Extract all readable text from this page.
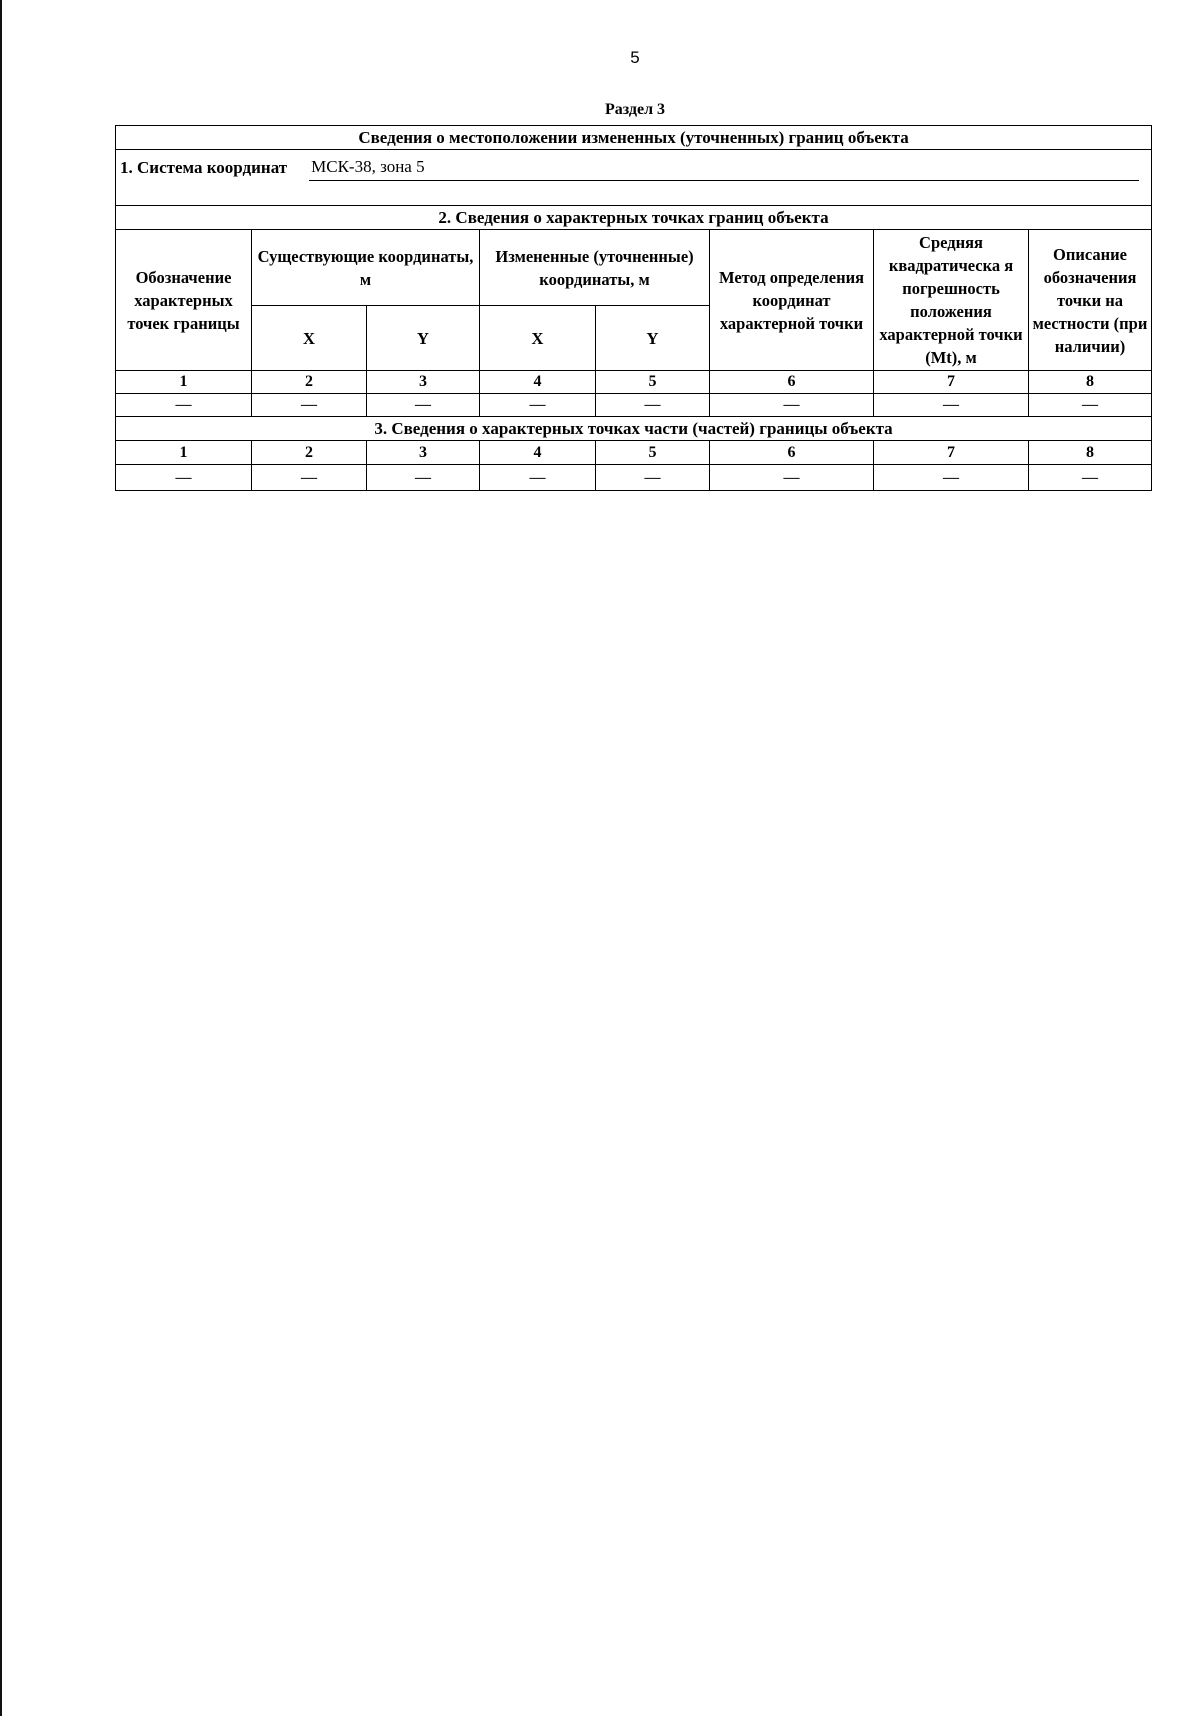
5
Раздел 3
Сведения о местоположении измененных (уточненных) границ объекта							

1. Система координат МСК-38, зона 5							

2. Сведения о характерных точках границ объекта							
Обозначение характерных точек границы	Существующие координаты, м		Измененные (уточненные) координаты, м		Метод определения координат характерной точки	Средняя квадратическа я погрешность положения характерной точки (Mt), м	Описание обозначения точки на местности (при наличии)
	X	Y	X	Y			
1	2	3	4	5	6	7	8
—	—	—	—	—	—	—	—
3. Сведения о характерных точках части (частей) границы объекта							
1	2	3	4	5	6	7	8
—	—	—	—	—	—	—	—
